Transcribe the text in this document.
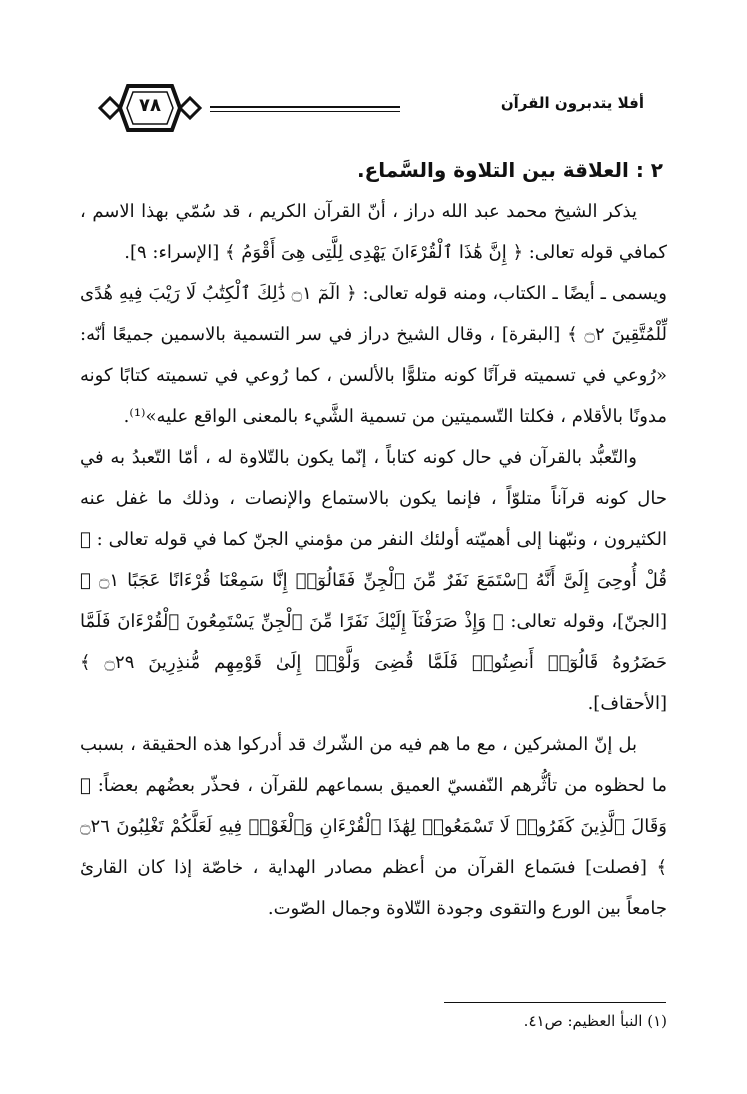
أفلا يتدبرون القرآن
٧٨
٢ : العلاقة بين التلاوة والسَّماع.

يذكر الشيخ محمد عبد الله دراز ، أنّ القرآن الكريم ، قد سُمّي بهذا الاسم ، كمافي قوله تعالى: ﴿ إِنَّ هَٰذَا ٱلْقُرْءَانَ يَهْدِى لِلَّتِى هِىَ أَقْوَمُ ﴾ [الإسراء: ٩].

ويسمى ـ أيضًا ـ الكتاب، ومنه قوله تعالى: ﴿ الٓمٓ ۝١ ذَٰلِكَ ٱلْكِتَٰبُ لَا رَيْبَ فِيهِ هُدًى لِّلْمُتَّقِينَ ۝٢ ﴾ [البقرة] ، وقال الشيخ دراز في سر التسمية بالاسمين جميعًا أنّه: «رُوعي في تسميته قرآنًا كونه متلوًّا بالألسن ، كما رُوعي في تسميته كتابًا كونه مدونًا بالأقلام ، فكلتا التّسميتين من تسمية الشَّيء بالمعنى الواقع عليه»⁽¹⁾.

والتّعبُّد بالقرآن في حال كونه كتاباً ، إنّما يكون بالتّلاوة له ، أمّا التّعبدُ به في حال كونه قرآناً متلوّاً ، فإنما يكون بالاستماع والإنصات ، وذلك ما غفل عنه الكثيرون ، ونبّهنا إلى أهميّته أولئك النفر من مؤمني الجنّ كما في قوله تعالى : ﴿ قُلْ أُوحِىَ إِلَىَّ أَنَّهُ ٱسْتَمَعَ نَفَرٌ مِّنَ ٱلْجِنِّ فَقَالُوٓا۟ إِنَّا سَمِعْنَا قُرْءَانًا عَجَبًا ۝١ ﴾ [الجنّ]، وقوله تعالى: ﴿ وَإِذْ صَرَفْنَآ إِلَيْكَ نَفَرًا مِّنَ ٱلْجِنِّ يَسْتَمِعُونَ ٱلْقُرْءَانَ فَلَمَّا حَضَرُوهُ قَالُوٓا۟ أَنصِتُوا۟ فَلَمَّا قُضِىَ وَلَّوْا۟ إِلَىٰ قَوْمِهِم مُّنذِرِينَ ۝٢٩ ﴾ [الأحقاف].

بل إنّ المشركين ، مع ما هم فيه من الشّرك قد أدركوا هذه الحقيقة ، بسبب ما لحظوه من تأثُّرهم النّفسيّ العميق بسماعهم للقرآن ، فحذّر بعضُهم بعضاً: ﴿ وَقَالَ ٱلَّذِينَ كَفَرُوا۟ لَا تَسْمَعُوا۟ لِهَٰذَا ٱلْقُرْءَانِ وَٱلْغَوْا۟ فِيهِ لَعَلَّكُمْ تَغْلِبُونَ ۝٢٦ ﴾ [فصلت] فسَماع القرآن من أعظم مصادر الهداية ، خاصّة إذا كان القارئ جامعاً بين الورع والتقوى وجودة التّلاوة وجمال الصّوت.

(١) النبأ العظيم: ص٤١.
